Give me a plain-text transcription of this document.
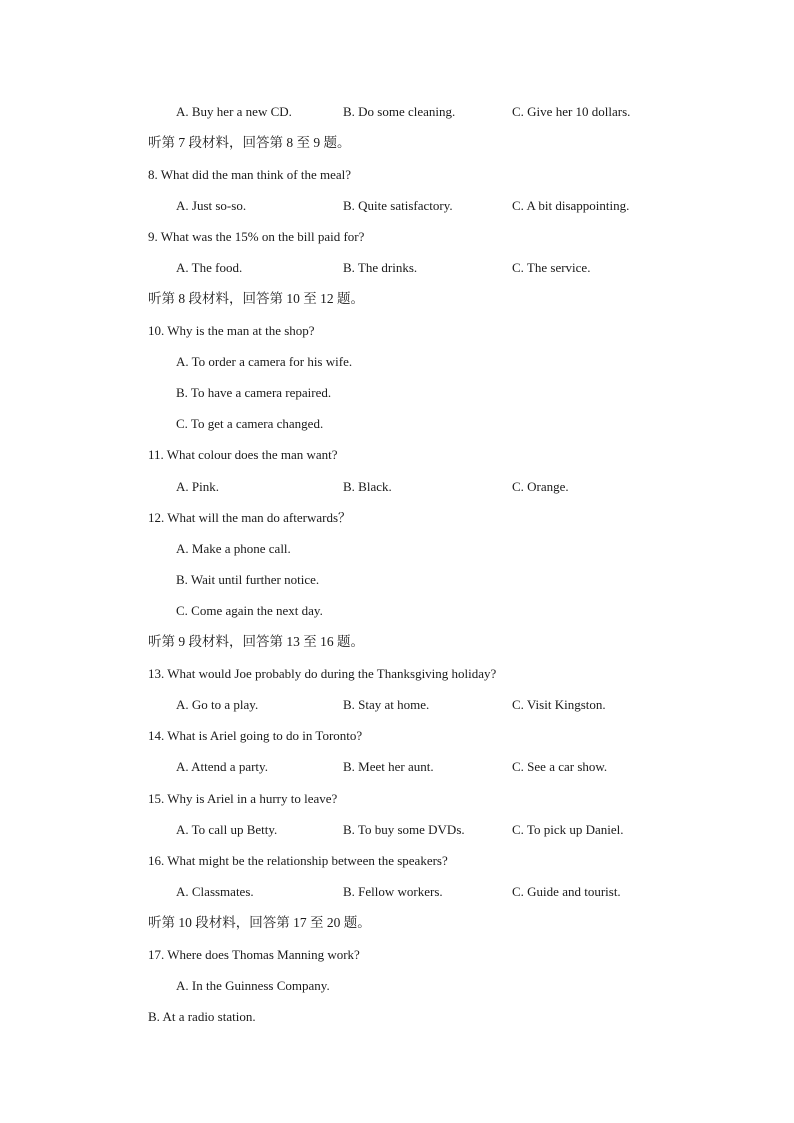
A. Buy her a new CD.	B. Do some cleaning.	C. Give her 10 dollars.
听第 7 段材料，回答第 8 至 9 题。
8. What did the man think of the meal?
A. Just so-so.	B. Quite satisfactory.	C. A bit disappointing.
9. What was the 15% on the bill paid for?
A. The food.	B. The drinks.	C. The service.
听第 8 段材料，回答第 10 至 12 题。
10. Why is the man at the shop?
A. To order a camera for his wife.
B. To have a camera repaired.
C. To get a camera changed.
11. What colour does the man want?
A. Pink.	B. Black.	C. Orange.
12. What will the man do afterwards？
A. Make a phone call.
B. Wait until further notice.
C. Come again the next day.
听第 9 段材料，回答第 13 至 16 题。
13. What would Joe probably do during the Thanksgiving holiday?
A. Go to a play.	B. Stay at home.	C. Visit Kingston.
14. What is Ariel going to do in Toronto?
A. Attend a party.	B. Meet her aunt.	C. See a car show.
15. Why is Ariel in a hurry to leave?
A. To call up Betty.	B. To buy some DVDs.	C. To pick up Daniel.
16. What might be the relationship between the speakers?
A. Classmates.	B. Fellow workers.	C. Guide and tourist.
听第 10 段材料，回答第 17 至 20 题。
17. Where does Thomas Manning work?
A. In the Guinness Company.
B. At a radio station.
